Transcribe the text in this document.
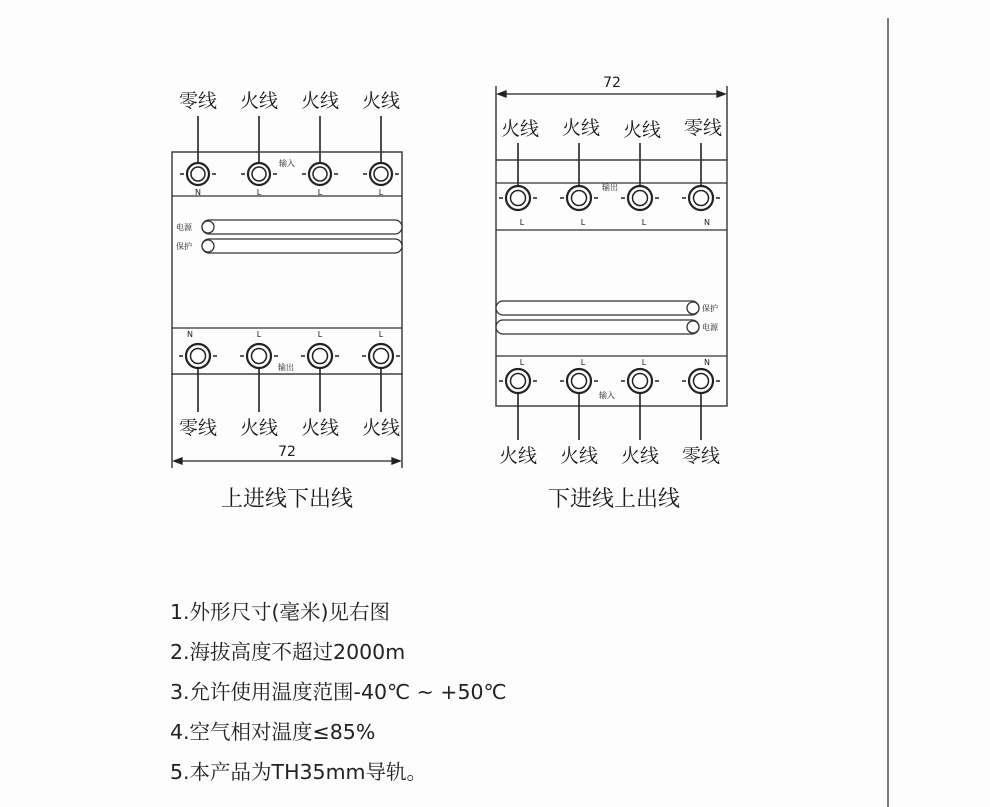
零线 火线 火线 火线
N	L	L	L
输入
电源
保护
N	L	L	L
输出
零线 火线 火线 火线
72
上进线下出线
72
火线 火线 火线 零线
输出
L	L	L	N
保护
电源
L	L	L	N
输入
火线 火线 火线 零线
下进线上出线
1.外形尺寸(毫米)见右图
2.海拔高度不超过2000m
3.允许使用温度范围-40℃ ~ +50℃
4.空气相对温度≤85%
5.本产品为TH35mm导轨。
